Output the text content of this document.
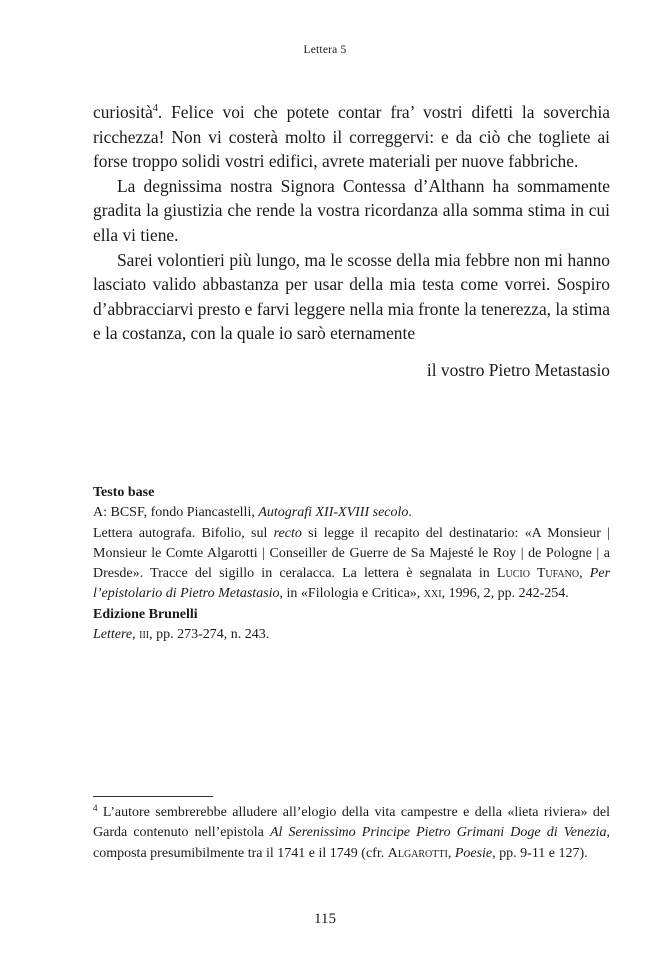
Lettera 5

curiosità$^4$. Felice voi che potete contar fra’ vostri difetti la soverchia ricchezza! Non vi costerà molto il correggervi: e da ciò che togliete ai forse troppo solidi vostri edifici, avrete materiali per nuove fabbriche.

La degnissima nostra Signora Contessa d’Althann ha sommamente gradita la giustizia che rende la vostra ricordanza alla somma stima in cui ella vi tiene.

Sarei volontieri più lungo, ma le scosse della mia febbre non mi hanno lasciato valido abbastanza per usar della mia testa come vorrei. Sospiro d’abbracciarvi presto e farvi leggere nella mia fronte la tenerezza, la stima e la costanza, con la quale io sarò eternamente

il vostro Pietro Metastasio

Testo base

A: BCSF, fondo Piancastelli, Autografi XII-XVIII secolo.

Lettera autografa. Bifolio, sul recto si legge il recapito del destinatario: «A Monsieur | Monsieur le Comte Algarotti | Conseiller de Guerre de Sa Majesté le Roy | de Pologne | a Dresde». Tracce del sigillo in ceralacca. La lettera è segnalata in Lucio Tufano, Per l’epistolario di Pietro Metastasio, in «Filologia e Critica», xxi, 1996, 2, pp. 242-254.

Edizione Brunelli

Lettere, iii, pp. 273-274, n. 243.

$^4$ L’autore sembrerebbe alludere all’elogio della vita campestre e della «lieta riviera» del Garda contenuto nell’epistola Al Serenissimo Principe Pietro Grimani Doge di Venezia, composta presumibilmente tra il 1741 e il 1749 (cfr. Algarotti, Poesie, pp. 9-11 e 127).

115
